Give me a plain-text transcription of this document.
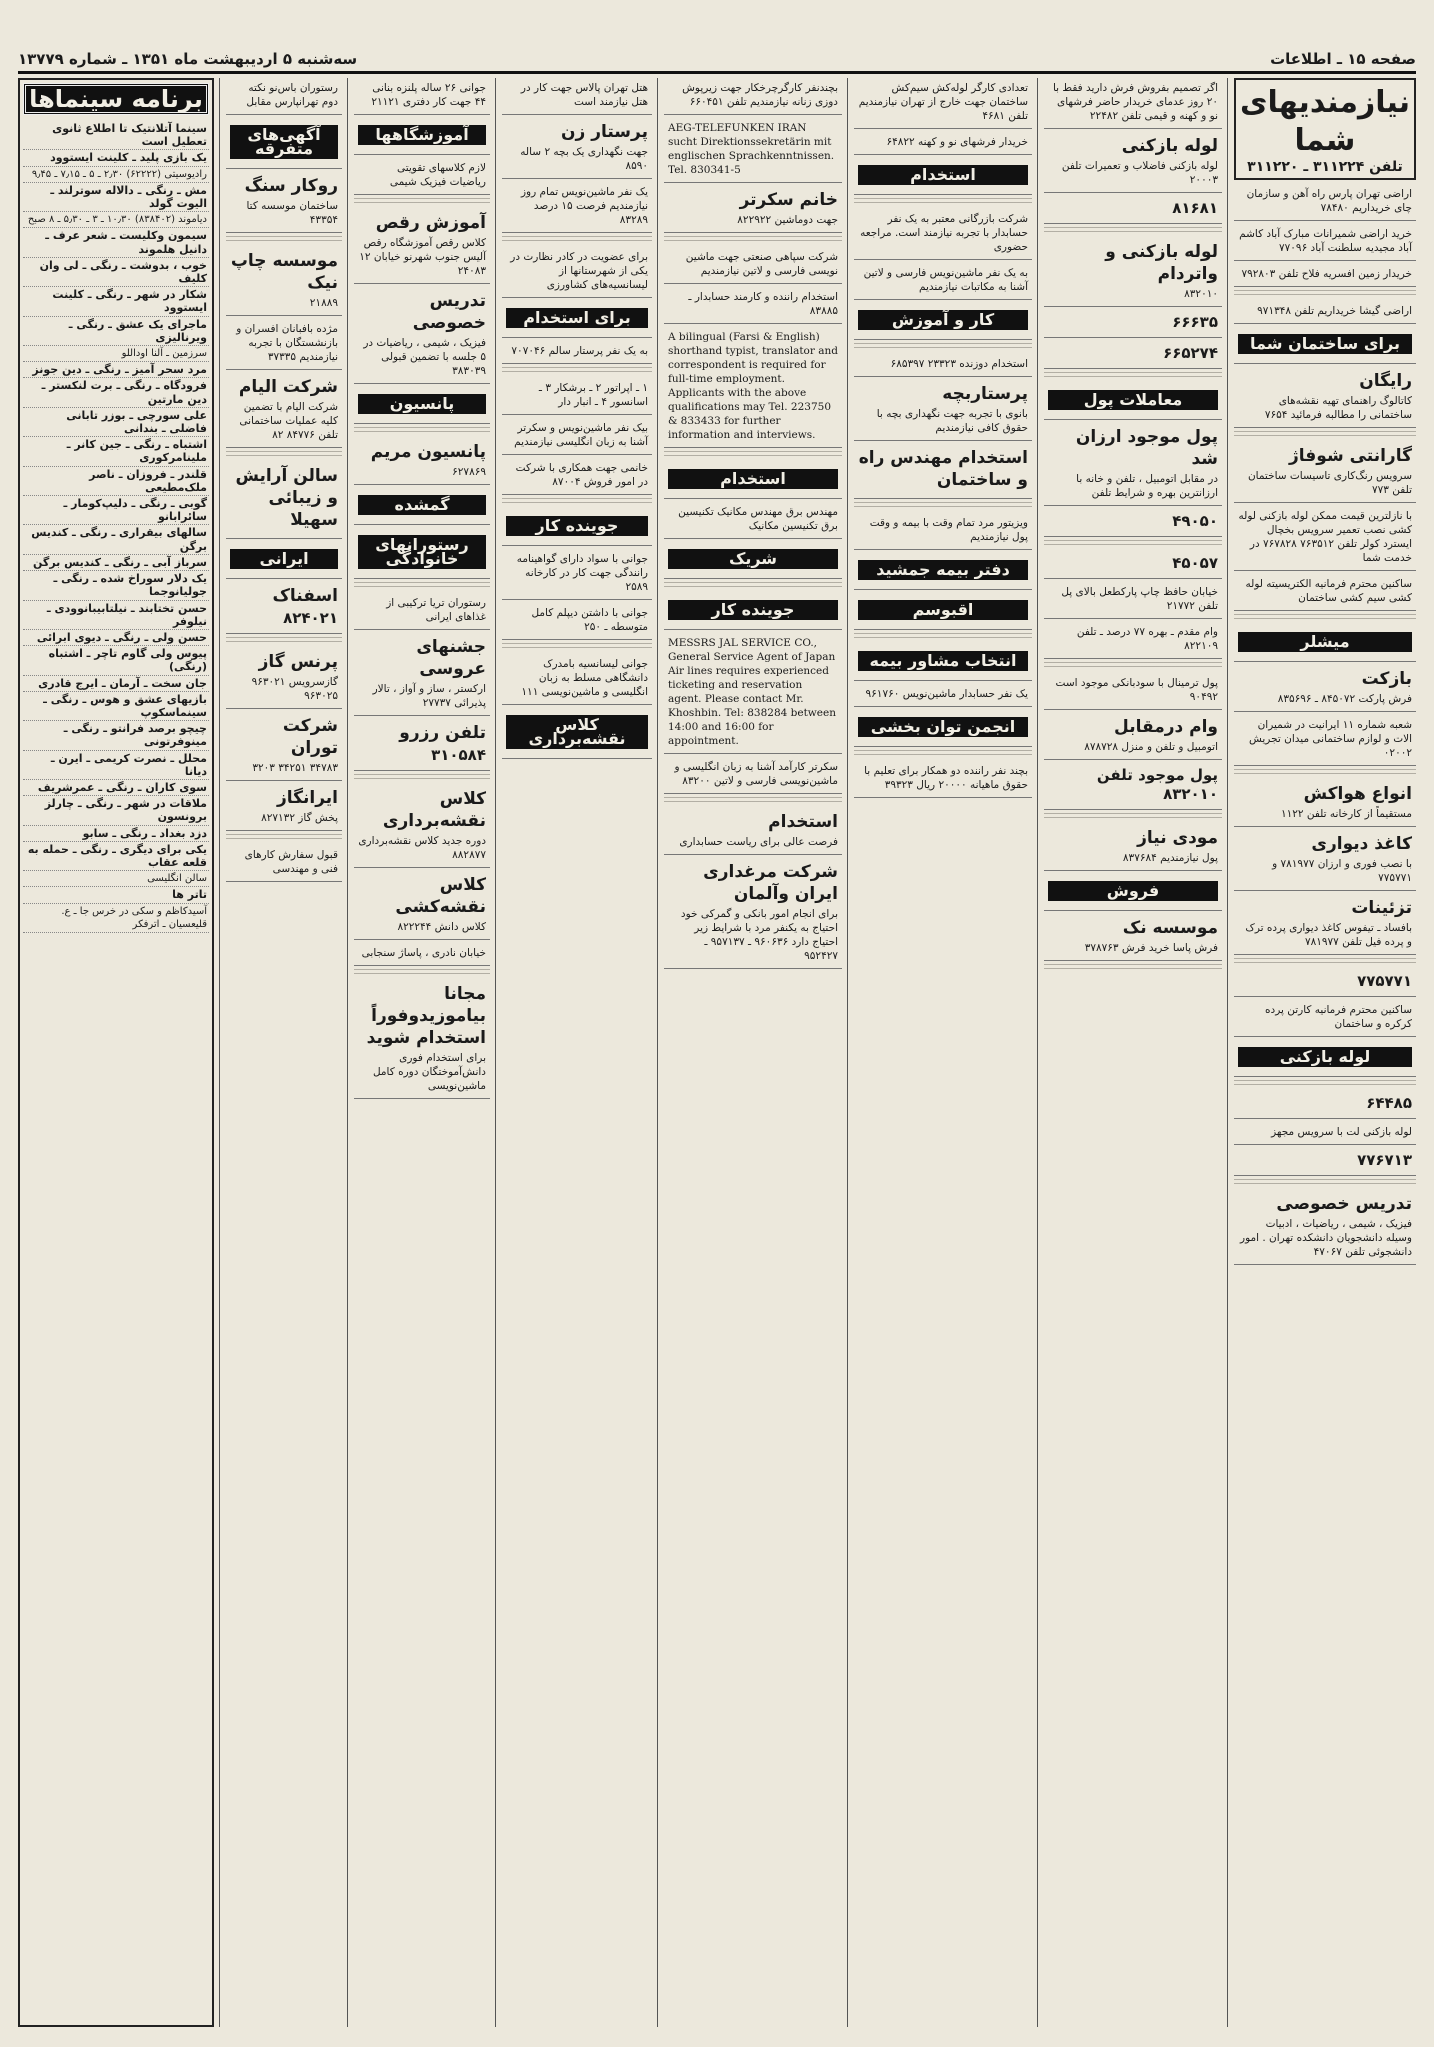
صفحه ۱۵ ـ اطلاعات
سه‌شنبه ۵ اردیبهشت ماه ۱۳۵۱ ـ شماره ۱۳۷۷۹
نیازمندیهای شما
تلفن ۳۱۱۲۲۴ ـ ۳۱۱۲۲۰
اراضی تهران پارس راه آهن و سازمان چای خریداریم ۷۸۴۸۰
خرید اراضی شمیرانات مبارک آباد کاشم آباد مجیدیه سلطنت آباد ۷۷۰۹۶
خریدار زمین افسریه فلاح تلفن ۷۹۲۸۰۳
اراضی گیشا خریداریم تلفن ۹۷۱۳۴۸
برای ساختمان شما
رایگان
کاتالوگ راهنمای تهیه نقشه‌های ساختمانی را مطالبه فرمائید ۷۶۵۴
گارانتی شوفاژ
سرویس رنگ‌کاری تاسیسات ساختمان تلفن ۷۷۳
با نازلترین قیمت ممکن لوله بازکنی لوله کشی نصب تعمیر سرویس بخچال ایسترد کولر تلفن ۷۶۳۵۱۲ ۷۶۷۸۲۸ در خدمت شما
ساکنین محترم فرمانیه الکتریسیته لوله کشی سیم کشی ساختمان
میشلر
بازکت
فرش پارکت ۸۴۵۰۷۲ ـ ۸۳۵۶۹۶
شعبه شماره ۱۱ ایرانیت در شمیران الات و لوازم ساختمانی میدان تجریش ۰۲۰۰۲
انواع هواکش
مستقیماً از کارخانه تلفن ۱۱۲۲
کاغذ دیواری
با نصب فوری و ارزان ۷۸۱۹۷۷ و ۷۷۵۷۷۱
تزئینات
بافساد ـ تیفوس کاغذ دیواری پرده ترک و پرده فیل تلفن ۷۸۱۹۷۷
۷۷۵۷۷۱
ساکنین محترم فرمانیه کارتن پرده کرکره و ساختمان
لوله بازکنی
۶۴۴۸۵
لوله بازکنی لت با سرویس مجهز
۷۷۶۷۱۳
تدریس خصوصی
فیزیک ، شیمی ، ریاضیات ، ادبیات وسیله دانشجویان دانشکده تهران . امور دانشجوئی تلفن ۴۷۰۶۷
اگر تصمیم بفروش فرش دارید فقط با ۲۰ روز عدمای خریدار حاضر فرشهای نو و کهنه و قیمی تلفن ۲۲۴۸۲
لوله بازکنی
لوله بازکنی فاضلاب و تعمیرات تلفن ۲۰۰۰۳
۸۱۶۸۱
لوله بازکنی و واتردام
۸۳۲۰۱۰
۶۶۶۳۵
۶۶۵۲۷۴
معاملات پول
پول موجود ارزان شد
در مقابل اتومبیل ، تلفن و خانه با ارزانترین بهره و شرایط تلفن
۴۹۰۵۰
۴۵۰۵۷
خیابان حافظ چاپ پارکطعل بالای پل تلفن ۲۱۷۷۲
وام مقدم ـ بهره ۷۷ درصد ـ تلفن ۸۲۲۱۰۹
پول ترمینال با سودبانکی موجود است ۹۰۴۹۲
وام درمقابل
اتومبیل و تلفن و منزل ۸۷۸۷۲۸
پول موجود تلفن ۸۳۲۰۱۰
مودی نیاز
پول نیازمندیم ۸۳۷۶۸۴
فروش
موسسه نک
فرش پاسا خرید فرش ۳۷۸۷۶۳
تعدادی کارگر لوله‌کش سیم‌کش ساختمان جهت خارج از تهران نیازمندیم تلفن ۴۶۸۱
خریدار فرشهای نو و کهنه ۶۴۸۲۲
استخدام
شرکت بازرگانی معتبر به یک نفر حسابدار با تجربه نیازمند است. مراجعه حضوری
به یک نفر ماشین‌نویس فارسی و لاتین آشنا به مکاتبات نیازمندیم
کار و آموزش
استخدام دوزنده ۲۳۳۲۳ ۶۸۵۳۹۷
پرستاربچه
بانوی با تجربه جهت نگهداری بچه با حقوق کافی نیازمندیم
استخدام مهندس راه و ساختمان
ویزیتور مرد تمام وقت با بیمه و وقت پول نیازمندیم
دفتر بیمه جمشید
اقبوسم
انتخاب مشاور بیمه
یک نفر حسابدار ماشین‌نویس ۹۶۱۷۶۰
انجمن توان بخشی
بچند نفر راننده دو همکار برای تعلیم با حقوق ماهیانه ۲۰۰۰۰ ریال ۳۹۳۲۳
بچندنفر کارگرچرخکار جهت زیرپوش دوزی زنانه نیازمندیم تلفن ۶۶۰۴۵۱
AEG-TELEFUNKEN IRAN sucht Direktionssekretärin mit englischen Sprachkenntnissen. Tel. 830341-5
خانم سکرتر
جهت دوماشین ۸۲۲۹۲۲
شرکت سپاهی صنعتی جهت ماشین نویسی فارسی و لاتین نیازمندیم
استخدام راننده و کارمند حسابدار ـ ۸۳۸۸۵
A bilingual (Farsi & English) shorthand typist, translator and correspondent is required for full-time employment. Applicants with the above qualifications may Tel. 223750 & 833433 for further information and interviews.
استخدام
مهندس برق مهندس مکانیک تکنیسین برق تکنیسین مکانیک
شریک
جوینده کار
MESSRS JAL SERVICE CO., General Service Agent of Japan Air lines requires experienced ticketing and reservation agent. Please contact Mr. Khoshbin. Tel: 838284 between 14:00 and 16:00 for appointment.
سکرتر کارآمد آشنا به زبان انگلیسی و ماشین‌نویسی فارسی و لاتین ۸۳۲۰۰
استخدام
فرصت عالی برای ریاست حسابداری
شرکت مرغداری ایران وآلمان
برای انجام امور بانکی و گمرکی خود احتیاج به یکنفر مرد با شرایط زیر احتیاج دارد ۹۶۰۶۳۶ ـ ۹۵۷۱۳۷ ـ ۹۵۲۴۲۷
هتل تهران پالاس جهت کار در هتل نیازمند است
پرستار زن
جهت نگهداری یک بچه ۲ ساله ۸۵۹۰
یک نفر ماشین‌نویس تمام روز نیازمندیم فرصت ۱۵ درصد ۸۳۲۸۹
برای عضویت در کادر نظارت در یکی از شهرستانها از لیسانسیه‌های کشاورزی
برای استخدام
به یک نفر پرستار سالم ۷۰۷۰۴۶
۱ ـ اپراتور ۲ ـ برشکار ۳ ـ اسانسور ۴ ـ انبار دار
بیک نفر ماشین‌نویس و سکرتر آشنا به زبان انگلیسی نیازمندیم
خانمی جهت همکاری با شرکت در امور فروش ۸۷۰۰۴
جوینده کار
جوانی با سواد دارای گواهینامه رانندگی جهت کار در کارخانه ۲۵۸۹
جوانی با داشتن دیپلم کامل متوسطه ـ ۲۵۰
جوانی لیسانسیه بامدرک دانشگاهی مسلط به زبان انگلیسی و ماشین‌نویسی ۱۱۱
کلاس نقشه‌برداری
جوانی ۲۶ ساله پلنزه بنانی ۴۴ جهت کار دفتری ۲۱۱۲۱
آموزشگاهها
لازم کلاسهای تقویتی ریاضیات فیزیک شیمی
آموزش رقص
کلاس رقص آموزشگاه رقص آلیس جنوب شهرنو خیابان ۱۲ ۲۴۰۸۳
تدریس خصوصی
فیزیک ، شیمی ، ریاضیات در ۵ جلسه با تضمین قبولی ۳۸۳۰۳۹
پانسیون
پانسیون مریم
۶۲۷۸۶۹
گمشده
رستورانهای خانوادگی
رستوران تریا ترکیبی از غذاهای ایرانی
جشنهای عروسی
ارکستر ، ساز و آواز ، تالار پذیرائی ۲۷۷۳۷
تلفن رزرو
۳۱۰۵۸۴
کلاس نقشه‌برداری
دوره جدید کلاس نقشه‌برداری ۸۸۲۸۷۷
کلاس نقشه‌کشی
کلاس دانش ۸۲۲۲۴۴
خیابان نادری ، پاساژ سنجابی
مجانا بیاموزیدوفوراً استخدام شوید
برای استخدام فوری دانش‌آموختگان دوره کامل ماشین‌نویسی
رستوران باس‌نو نکته دوم تهرانپارس مقابل
آگهی‌های متفرقه
روکار سنگ
ساختمان موسسه کتا ۴۳۳۵۴
موسسه چاپ نیک
۲۱۸۸۹
مژده بافبانان افسران و بازنشستگان با تجربه نیازمندیم ۳۷۳۳۵
شرکت الیام
شرکت الیام با تضمین کلیه عملیات ساختمانی تلفن ۸۴۷۷۶ ۸۲
سالن آرایش و زیبائی سهیلا
ایرانی
اسفناک
۸۲۴۰۲۱
پرنس گاز
گازسرویس ۹۶۳۰۲۱ ۹۶۳۰۲۵
شرکت توران
۳۴۷۸۳ ۳۴۲۵۱ ۳۲۰۳
ایرانگاز
پخش گاز ۸۲۷۱۳۲
قبول سفارش کارهای فنی و مهندسی
برنامه سینماها
سینما آتلانتیک تا اطلاع ثانوی تعطیل است
یک بازی پلید ـ کلینت ایستوود
رادیوسیتی (۶۲۲۲۲) ۲٫۳۰ ـ ۵ ـ ۷٫۱۵ ـ ۹٫۴۵
مش ـ رنگی ـ دالاله سوترلند ـ الیوت گولد
دیاموند (۸۳۸۴۰۲) ۱۰٫۳۰ ـ ۳ ـ ۵٫۳۰ ـ ۸ صبح
سیمون وکلیست ـ شعر عرف ـ دانیل هلموند
خوب ، بدوشت ـ رنگی ـ لی وان کلیف
شکار در شهر ـ رنگی ـ کلینت ایستوود
ماجرای یک عشق ـ رنگی ـ ویرنالیزی
سرزمین ـ آلنا اوداللو
مرد سحر آمیز ـ رنگی ـ دین جونز
فرودگاه ـ رنگی ـ برت لنکستر ـ دین مارتین
علی سورچی ـ بوزر تابانی فاضلی ـ بندانی
اشتباه ـ رنگی ـ جین کانر ـ ملینامرکوری
قلندر ـ فروزان ـ ناصر ملک‌مطیعی
گوبی ـ رنگی ـ دلیپ‌کومار ـ سائرابانو
سالهای بیقراری ـ رنگی ـ کندیس برگن
سرباز آبی ـ رنگی ـ کندیس برگن
یک دلار سوراخ شده ـ رنگی ـ جولیانوجما
حسن تختابند ـ نیلتابیبانوودی ـ نیلوفر
حسن ولی ـ رنگی ـ دیوی ابرائی
پیوس ولی گاوم تاچر ـ اشتباه (رنگی)
جان سخت ـ آرمان ـ ایرج قادری
بازیهای عشق و هوس ـ رنگی ـ سینماسکوپ
چیچو برصد فرانتو ـ رنگی ـ مینوفرتونی
محلل ـ نصرت کریمی ـ ایرن ـ دیانا
سوی کاران ـ رنگی ـ عمرشریف
ملاقات در شهر ـ رنگی ـ چارلز برونسون
دزد بغداد ـ رنگی ـ سابو
یکی برای دیگری ـ رنگی ـ حمله به قلعه عقاب
سالن انگلیسی
تاتر ها
آسیدکاظم و سکی در خرس جا ـ ع. قلیعسیان ـ اترفکر
